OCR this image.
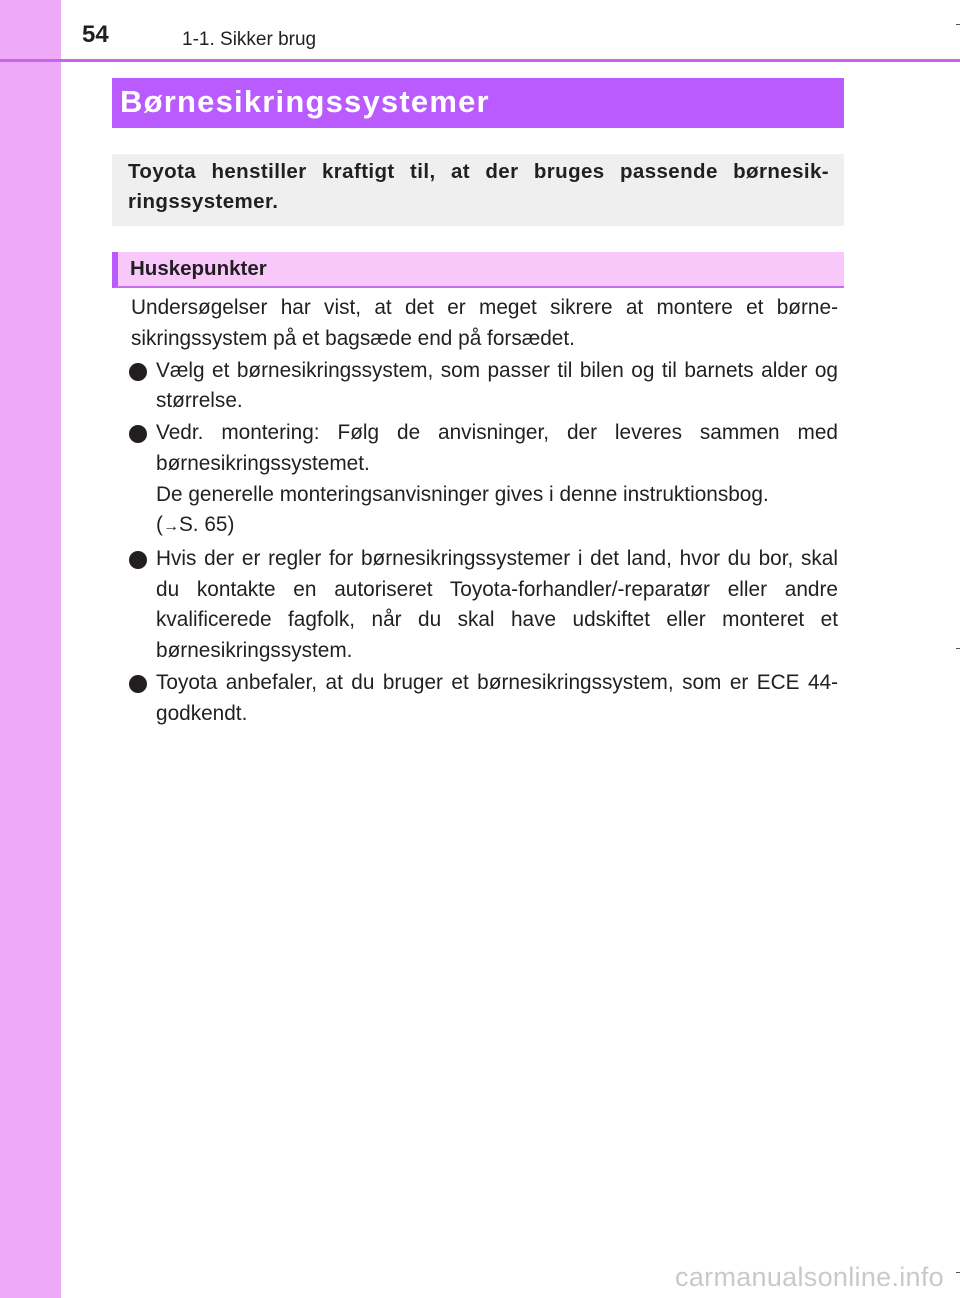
54	1-1. Sikker brug
Børnesikringssystemer
Toyota henstiller kraftigt til, at der bruges passende børnesik-ringssystemer.
Huskepunkter

Undersøgelser har vist, at det er meget sikrere at montere et børne-sikringssystem på et bagsæde end på forsædet.

Vælg et børnesikringssystem, som passer til bilen og til barnets alder og størrelse.

Vedr. montering: Følg de anvisninger, der leveres sammen med børnesikringssystemet.

De generelle monteringsanvisninger gives i denne instruktionsbog.

(→S. 65)

Hvis der er regler for børnesikringssystemer i det land, hvor du bor, skal du kontakte en autoriseret Toyota-forhandler/-reparatør eller andre kvalificerede fagfolk, når du skal have udskiftet eller monteret et børnesikringssystem.

Toyota anbefaler, at du bruger et børnesikringssystem, som er ECE 44-godkendt.

carmanualsonline.info
